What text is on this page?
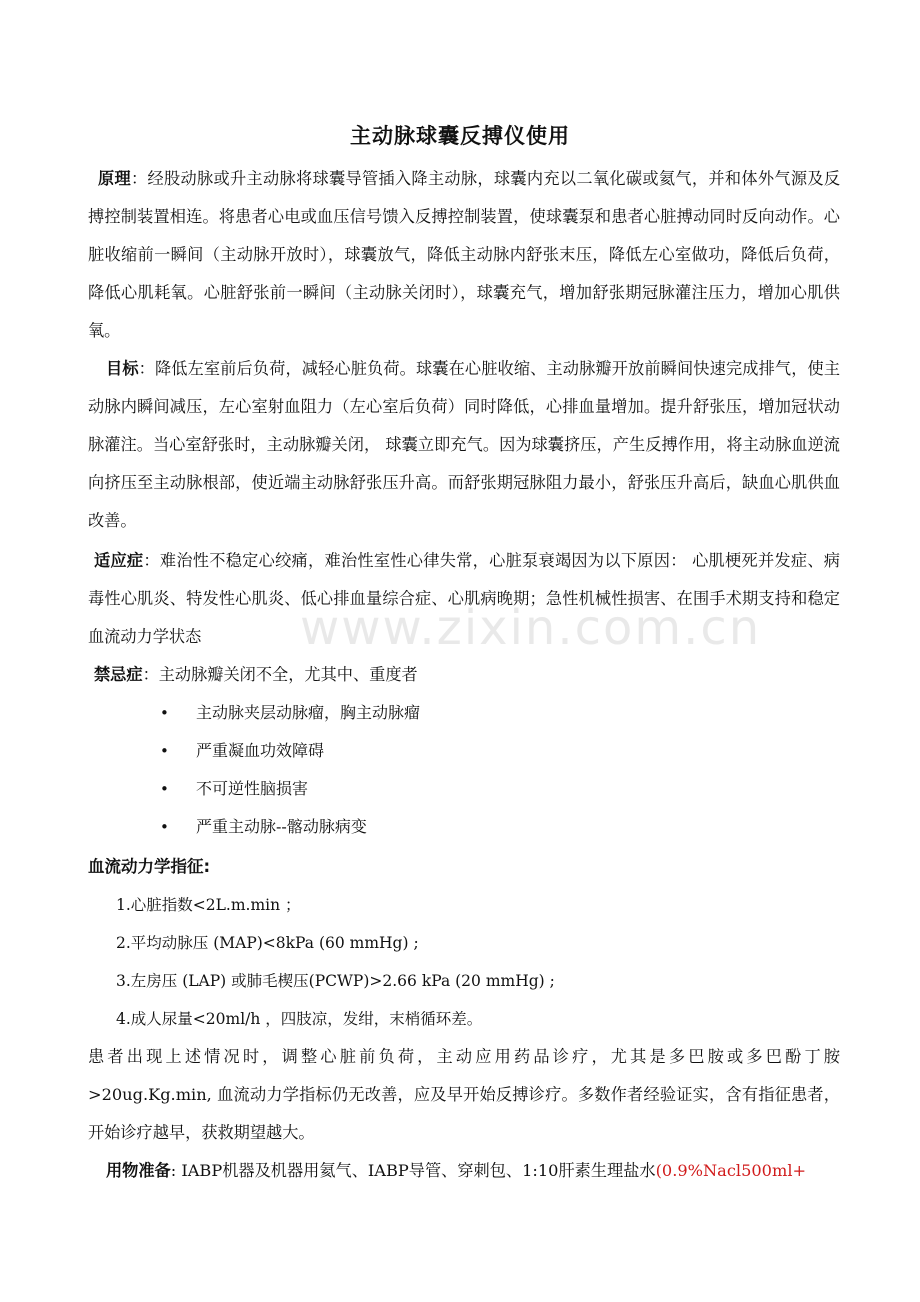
www.zixin.com.cn
主动脉球囊反搏仪使用

原理：经股动脉或升主动脉将球囊导管插入降主动脉，球囊内充以二氧化碳或氦气，并和体外气源及反搏控制装置相连。将患者心电或血压信号馈入反搏控制装置，使球囊泵和患者心脏搏动同时反向动作。心脏收缩前一瞬间（主动脉开放时），球囊放气，降低主动脉内舒张末压，降低左心室做功，降低后负荷，降低心肌耗氧。心脏舒张前一瞬间（主动脉关闭时），球囊充气，增加舒张期冠脉灌注压力，增加心肌供氧。

目标：降低左室前后负荷，减轻心脏负荷。球囊在心脏收缩、主动脉瓣开放前瞬间快速完成排气，使主动脉内瞬间减压，左心室射血阻力（左心室后负荷）同时降低，心排血量增加。提升舒张压，增加冠状动脉灌注。当心室舒张时，主动脉瓣关闭， 球囊立即充气。因为球囊挤压，产生反搏作用，将主动脉血逆流向挤压至主动脉根部，使近端主动脉舒张压升高。而舒张期冠脉阻力最小，舒张压升高后，缺血心肌供血改善。

适应症：难治性不稳定心绞痛，难治性室性心律失常，心脏泵衰竭因为以下原因： 心肌梗死并发症、病毒性心肌炎、特发性心肌炎、低心排血量综合症、心肌病晚期；急性机械性损害、在围手术期支持和稳定血流动力学状态

禁忌症：主动脉瓣关闭不全，尤其中、重度者

• 主动脉夹层动脉瘤，胸主动脉瘤
• 严重凝血功效障碍
• 不可逆性脑损害
• 严重主动脉--髂动脉病变
血流动力学指征:
1.心脏指数<2L.m.min ；
2.平均动脉压 (MAP)<8kPa (60 mmHg) ;
3.左房压 (LAP) 或肺毛楔压(PCWP)>2.66 kPa (20 mmHg) ;
4.成人尿量<20ml/h ，四肢凉，发绀，末梢循环差。

患者出现上述情况时，调整心脏前负荷，主动应用药品诊疗，尤其是多巴胺或多巴酚丁胺>20ug.Kg.min, 血流动力学指标仍无改善，应及早开始反搏诊疗。多数作者经验证实，含有指征患者，开始诊疗越早，获救期望越大。

用物准备: IABP机器及机器用氦气、IABP导管、穿刺包、1:10肝素生理盐水(0.9%Nacl500ml+
